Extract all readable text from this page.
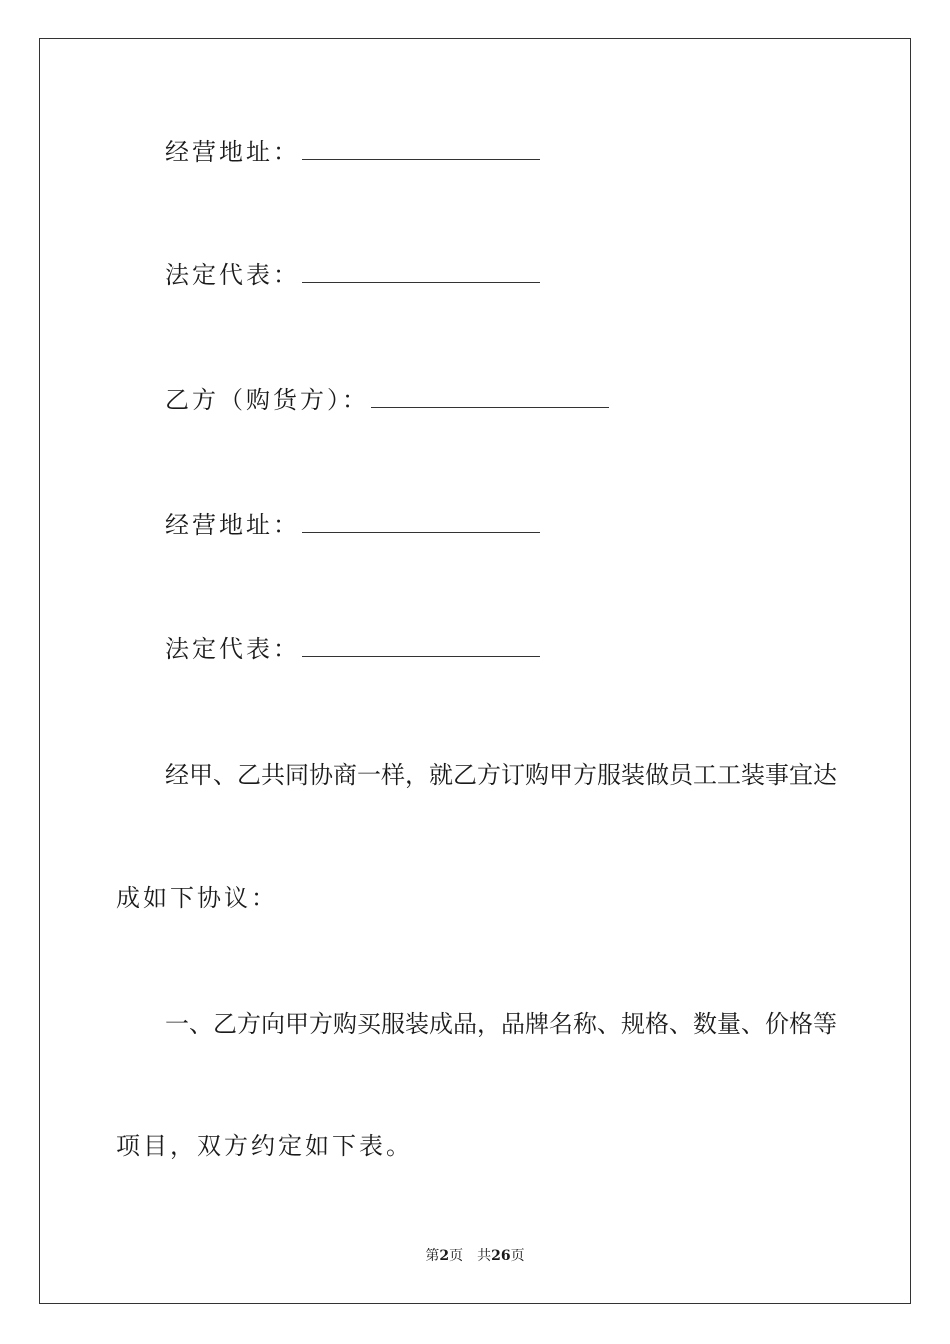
经营地址：
法定代表：
乙方（购货方）：
经营地址：
法定代表：
经 甲 、 乙 共 同 协 商 一 样 ， 就 乙 方 订 购 甲 方 服 装 做 员 工 工 装 事 宜 达
成如下协议：
一 、 乙 方 向 甲 方 购 买 服 装 成 品 ， 品 牌 名 称 、 规 格 、 数 量 、 价 格 等
项目，双方约定如下表。
第2页 共26页
